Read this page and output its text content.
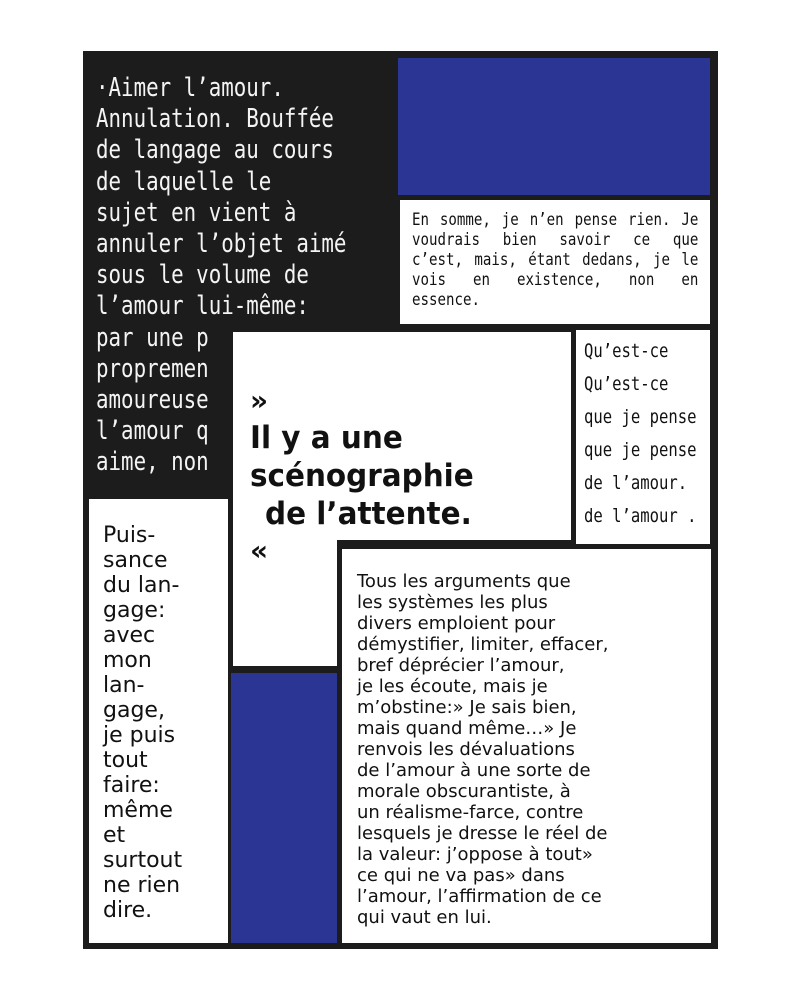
·Aimer l’amour.
Annulation. Bouffée
de langage au cours
de laquelle le
sujet en vient à
annuler l’objet aimé
sous le volume de
l’amour lui-même:
par une p
propremen
amoureuse
l’amour q
aime, non

En somme, je n’en pense rien. Je voudrais bien savoir ce que c’est, mais, étant dedans, je le vois en existence, non en essence.

Qu’est-ce
Qu’est-ce
que je pense
que je pense
de l’amour.
de l’amour .
»
Il y a une
scénographie
de l’attente.
«
Puis-
sance
du lan-
gage:
avec
mon
lan-
gage,
je puis
tout
faire:
même
et
surtout
ne rien
dire.
Tous les arguments que
les systèmes les plus
divers emploient pour
démystifier, limiter, effacer,
bref déprécier l’amour,
je les écoute, mais je
m’obstine:» Je sais bien,
mais quand même…» Je
renvois les dévaluations
de l’amour à une sorte de
morale obscurantiste, à
un réalisme-farce, contre
lesquels je dresse le réel de
la valeur: j’oppose à tout»
ce qui ne va pas» dans
l’amour, l’affirmation de ce
qui vaut en lui.
